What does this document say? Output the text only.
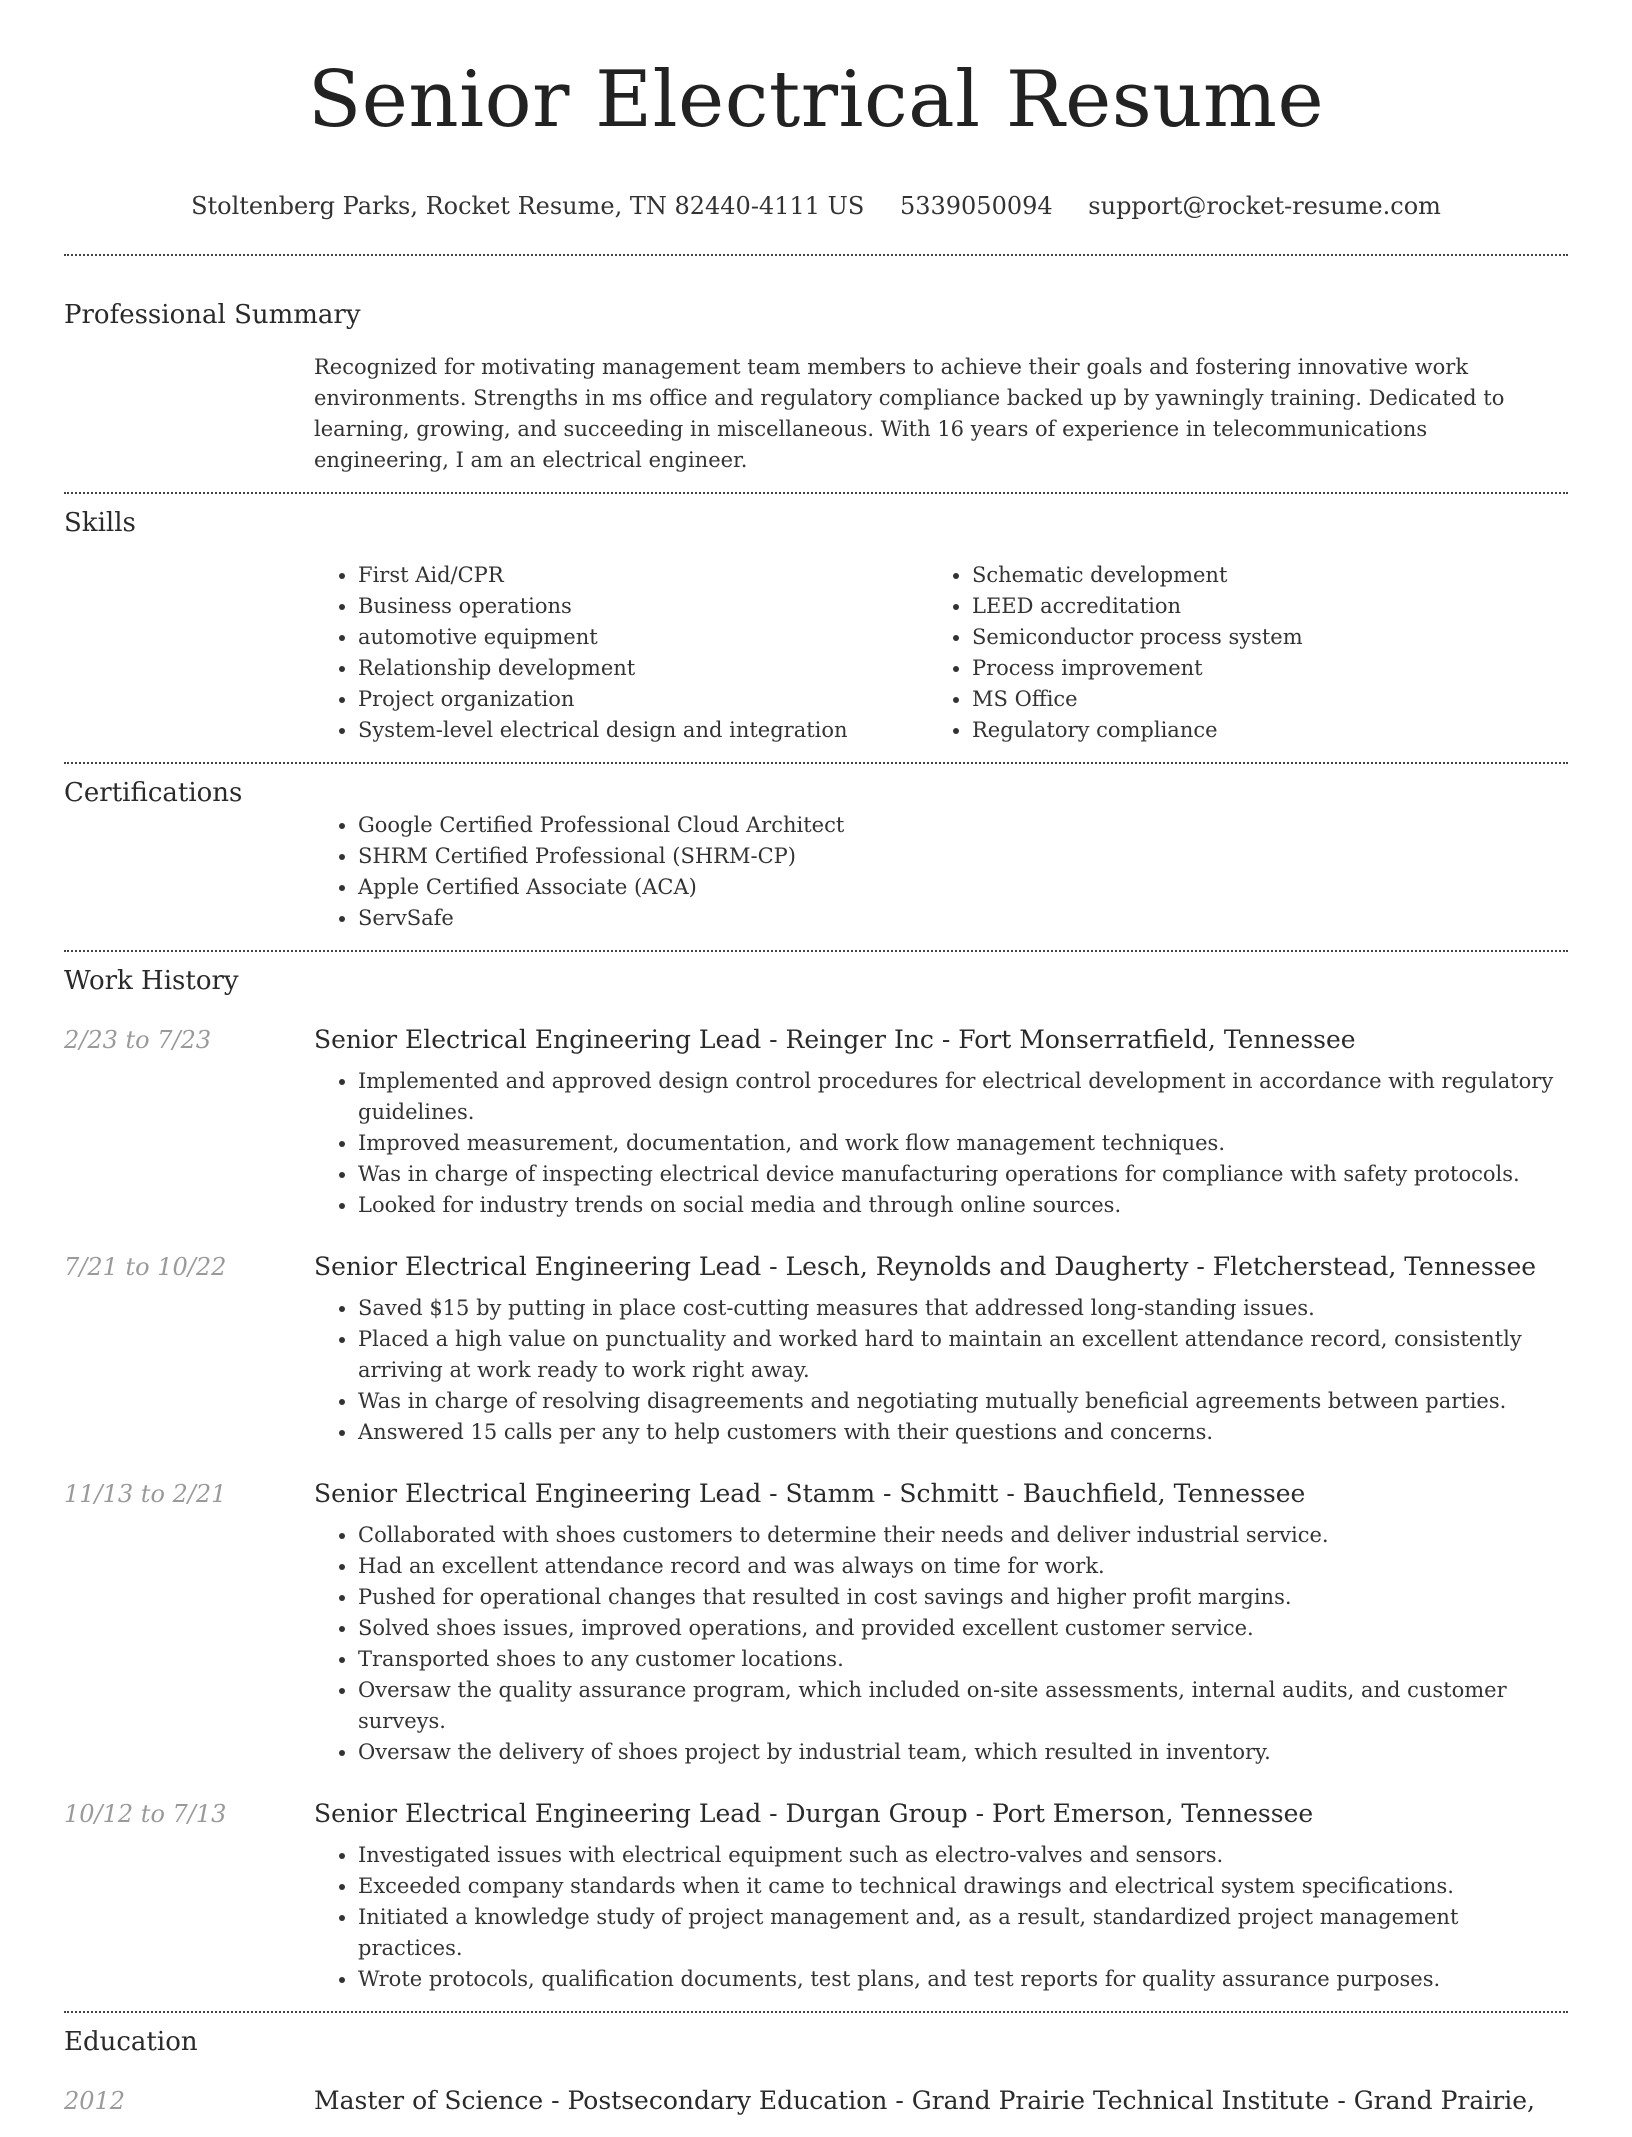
Senior Electrical Resume
Stoltenberg Parks, Rocket Resume, TN 82440-4111 US 5339050094 support@rocket-resume.com
Professional Summary

Recognized for motivating management team members to achieve their goals and fostering innovative work environments. Strengths in ms office and regulatory compliance backed up by yawningly training. Dedicated to learning, growing, and succeeding in miscellaneous. With 16 years of experience in telecommunications engineering, I am an electrical engineer.

Skills
• First Aid/CPR
• Business operations
• automotive equipment
• Relationship development
• Project organization
• System-level electrical design and integration
• Schematic development
• LEED accreditation
• Semiconductor process system
• Process improvement
• MS Office
• Regulatory compliance
Certifications
• Google Certified Professional Cloud Architect
• SHRM Certified Professional (SHRM-CP)
• Apple Certified Associate (ACA)
• ServSafe
Work History
2/23 to 7/23	Senior Electrical Engineering Lead - Reinger Inc - Fort Monserratfield, Tennessee
• Implemented and approved design control procedures for electrical development in accordance with regulatory guidelines.
• Improved measurement, documentation, and work flow management techniques.
• Was in charge of inspecting electrical device manufacturing operations for compliance with safety protocols.
• Looked for industry trends on social media and through online sources.
7/21 to 10/22	Senior Electrical Engineering Lead - Lesch, Reynolds and Daugherty - Fletcherstead, Tennessee
• Saved $15 by putting in place cost-cutting measures that addressed long-standing issues.
• Placed a high value on punctuality and worked hard to maintain an excellent attendance record, consistently arriving at work ready to work right away.
• Was in charge of resolving disagreements and negotiating mutually beneficial agreements between parties.
• Answered 15 calls per any to help customers with their questions and concerns.
11/13 to 2/21	Senior Electrical Engineering Lead - Stamm - Schmitt - Bauchfield, Tennessee
• Collaborated with shoes customers to determine their needs and deliver industrial service.
• Had an excellent attendance record and was always on time for work.
• Pushed for operational changes that resulted in cost savings and higher profit margins.
• Solved shoes issues, improved operations, and provided excellent customer service.
• Transported shoes to any customer locations.
• Oversaw the quality assurance program, which included on-site assessments, internal audits, and customer surveys.
• Oversaw the delivery of shoes project by industrial team, which resulted in inventory.
10/12 to 7/13	Senior Electrical Engineering Lead - Durgan Group - Port Emerson, Tennessee
• Investigated issues with electrical equipment such as electro-valves and sensors.
• Exceeded company standards when it came to technical drawings and electrical system specifications.
• Initiated a knowledge study of project management and, as a result, standardized project management practices.
• Wrote protocols, qualification documents, test plans, and test reports for quality assurance purposes.
Education
2012	Master of Science - Postsecondary Education - Grand Prairie Technical Institute - Grand Prairie,
